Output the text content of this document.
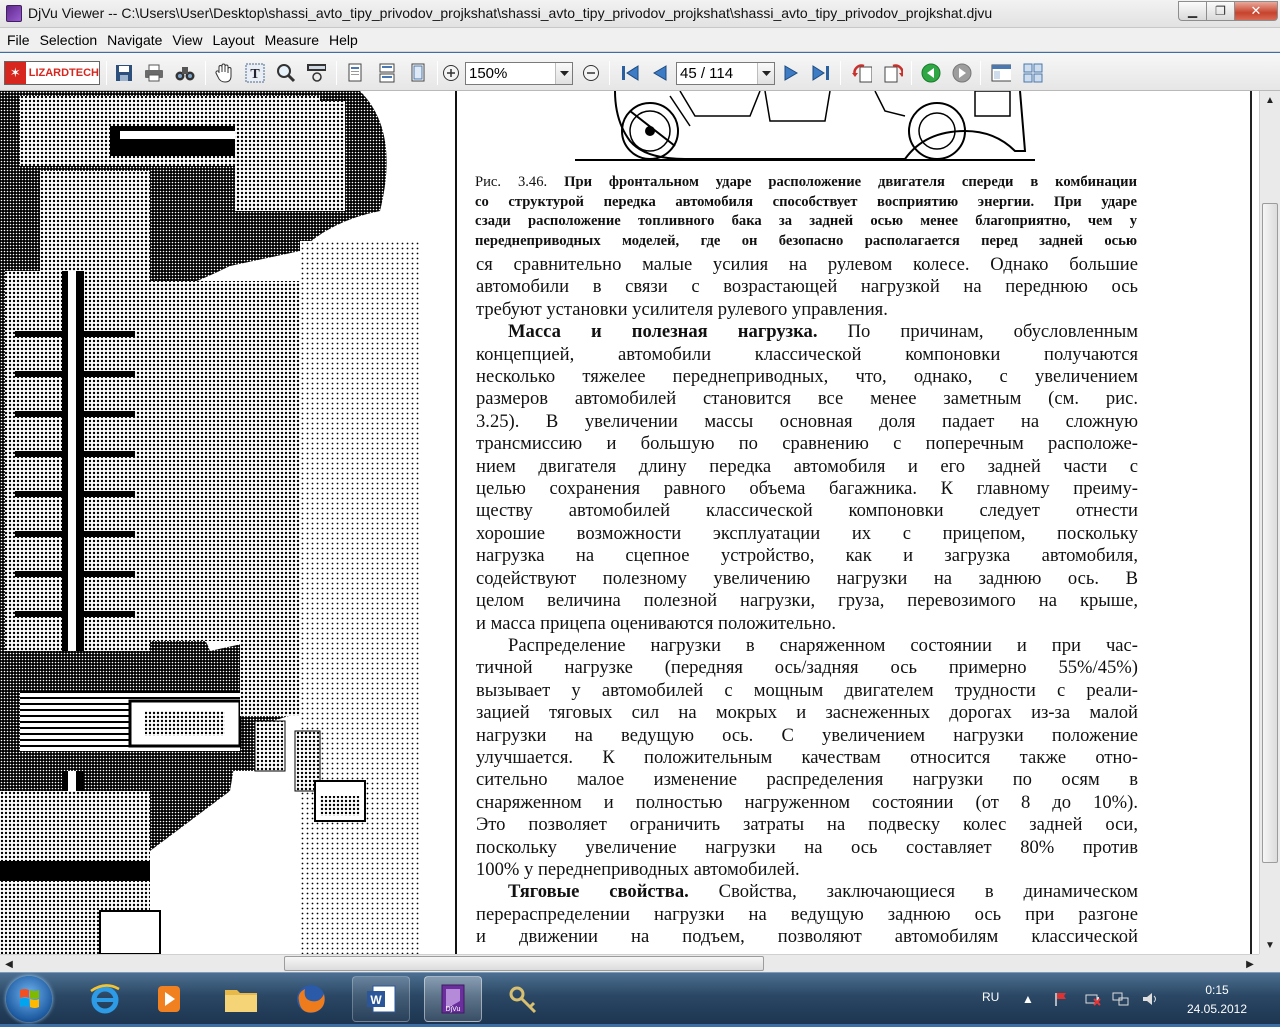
DjVu Viewer -- C:\Users\User\Desktop\shassi_avto_tipy_privodov_projkshat\shassi_avto_tipy_privodov_projkshat\shassi_avto_tipy_privodov_projkshat.djvu	▁	❐	✕
File Selection Navigate View Layout Measure Help
✶ LIZARDTECH	T	150%	45 / 114
Рис. 3.46. При фронтальном ударе расположение двигателя спереди в комбинации
со структурой передка автомобиля способствует восприятию энергии. При ударе
сзади расположение топливного бака за задней осью менее благоприятно, чем у
переднеприводных моделей, где он безопасно располагается перед задней осью

ся сравнительно малые усилия на рулевом колесе. Однако большие

автомобили в связи с возрастающей нагрузкой на переднюю ось

требуют установки усилителя рулевого управления.

Масса и полезная нагрузка. По причинам, обусловленным

концепцией, автомобили классической компоновки получаются

несколько тяжелее переднеприводных, что, однако, с увеличением

размеров автомобилей становится все менее заметным (см. рис.

3.25). В увеличении массы основная доля падает на сложную

трансмиссию и большую по сравнению с поперечным расположе-

нием двигателя длину передка автомобиля и его задней части с

целью сохранения равного объема багажника. К главному преиму-

ществу автомобилей классической компоновки следует отнести

хорошие возможности эксплуатации их с прицепом, поскольку

нагрузка на сцепное устройство, как и загрузка автомобиля,

содействуют полезному увеличению нагрузки на заднюю ось. В

целом величина полезной нагрузки, груза, перевозимого на крыше,

и масса прицепа оцениваются положительно.

Распределение нагрузки в снаряженном состоянии и при час-

тичной нагрузке (передняя ось/задняя ось примерно 55%/45%)

вызывает у автомобилей с мощным двигателем трудности с реали-

зацией тяговых сил на мокрых и заснеженных дорогах из-за малой

нагрузки на ведущую ось. С увеличением нагрузки положение

улучшается. К положительным качествам относится также отно-

сительно малое изменение распределения нагрузки по осям в

снаряженном и полностью нагруженном состоянии (от 8 до 10%).

Это позволяет ограничить затраты на подвеску колес задней оси,

поскольку увеличение нагрузки на ось составляет 80% против

100% у переднеприводных автомобилей.

Тяговые свойства. Свойства, заключающиеся в динамическом

перераспределении нагрузки на ведущую заднюю ось при разгоне

и движении на подъем, позволяют автомобилям классической

▲
▼
◀	▶
W
DjVu
RU ▲
0:15
24.05.2012
